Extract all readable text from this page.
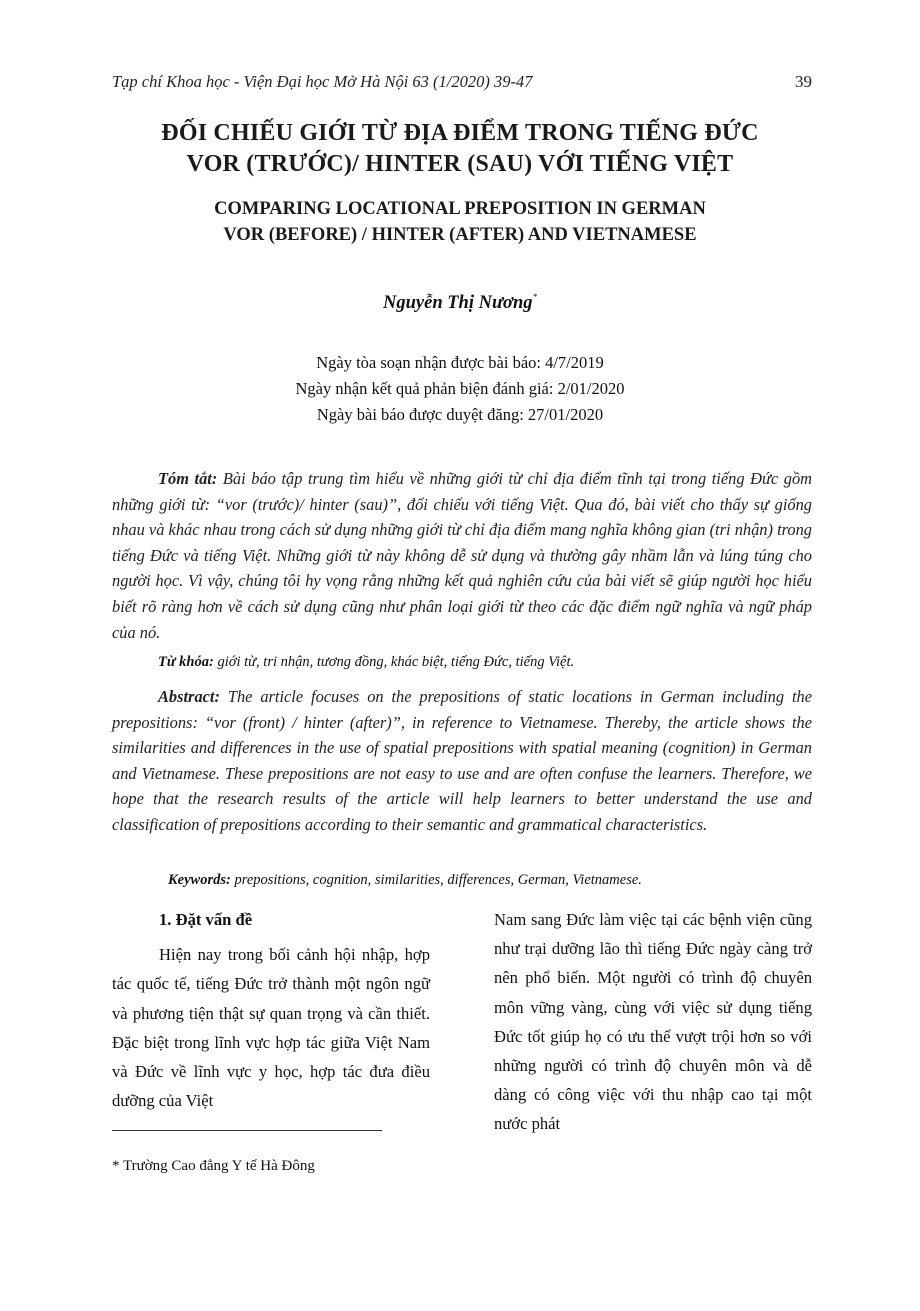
Tạp chí Khoa học - Viện Đại học Mở Hà Nội 63 (1/2020) 39-47	39
ĐỐI CHIẾU GIỚI TỪ ĐỊA ĐIỂM TRONG TIẾNG ĐỨC
VOR (TRƯỚC)/ HINTER (SAU) VỚI TIẾNG VIỆT
COMPARING LOCATIONAL PREPOSITION IN GERMAN
VOR (BEFORE) / HINTER (AFTER) AND VIETNAMESE
Nguyễn Thị Nương*
Ngày tòa soạn nhận được bài báo: 4/7/2019
Ngày nhận kết quả phản biện đánh giá: 2/01/2020
Ngày bài báo được duyệt đăng: 27/01/2020
Tóm tắt: Bài báo tập trung tìm hiểu về những giới từ chỉ địa điểm tĩnh tại trong tiếng Đức gồm những giới từ: “vor (trước)/ hinter (sau)”, đối chiếu với tiếng Việt. Qua đó, bài viết cho thấy sự giống nhau và khác nhau trong cách sử dụng những giới từ chỉ địa điểm mang nghĩa không gian (tri nhận) trong tiếng Đức và tiếng Việt. Những giới từ này không dễ sử dụng và thường gây nhầm lẫn và lúng túng cho người học. Vì vậy, chúng tôi hy vọng rằng những kết quả nghiên cứu của bài viết sẽ giúp người học hiểu biết rõ ràng hơn về cách sử dụng cũng như phân loại giới từ theo các đặc điểm ngữ nghĩa và ngữ pháp của nó.
Từ khóa: giới từ, tri nhận, tương đồng, khác biệt, tiếng Đức, tiếng Việt.
Abstract: The article focuses on the prepositions of static locations in German including the prepositions: “vor (front) / hinter (after)”, in reference to Vietnamese. Thereby, the article shows the similarities and differences in the use of spatial prepositions with spatial meaning (cognition) in German and Vietnamese. These prepositions are not easy to use and are often confuse the learners. Therefore, we hope that the research results of the article will help learners to better understand the use and classification of prepositions according to their semantic and grammatical characteristics.
Keywords: prepositions, cognition, similarities, differences, German, Vietnamese.
1. Đặt vấn đề

Hiện nay trong bối cảnh hội nhập, hợp tác quốc tế, tiếng Đức trở thành một ngôn ngữ và phương tiện thật sự quan trọng và cần thiết. Đặc biệt trong lĩnh vực hợp tác giữa Việt Nam và Đức về lĩnh vực y học, hợp tác đưa điều dưỡng của Việt

Nam sang Đức làm việc tại các bệnh viện cũng như trại dưỡng lão thì tiếng Đức ngày càng trở nên phổ biến. Một người có trình độ chuyên môn vững vàng, cùng với việc sử dụng tiếng Đức tốt giúp họ có ưu thế vượt trội hơn so với những người có trình độ chuyên môn và dễ dàng có công việc với thu nhập cao tại một nước phát

* Trường Cao đẳng Y tế Hà Đông
